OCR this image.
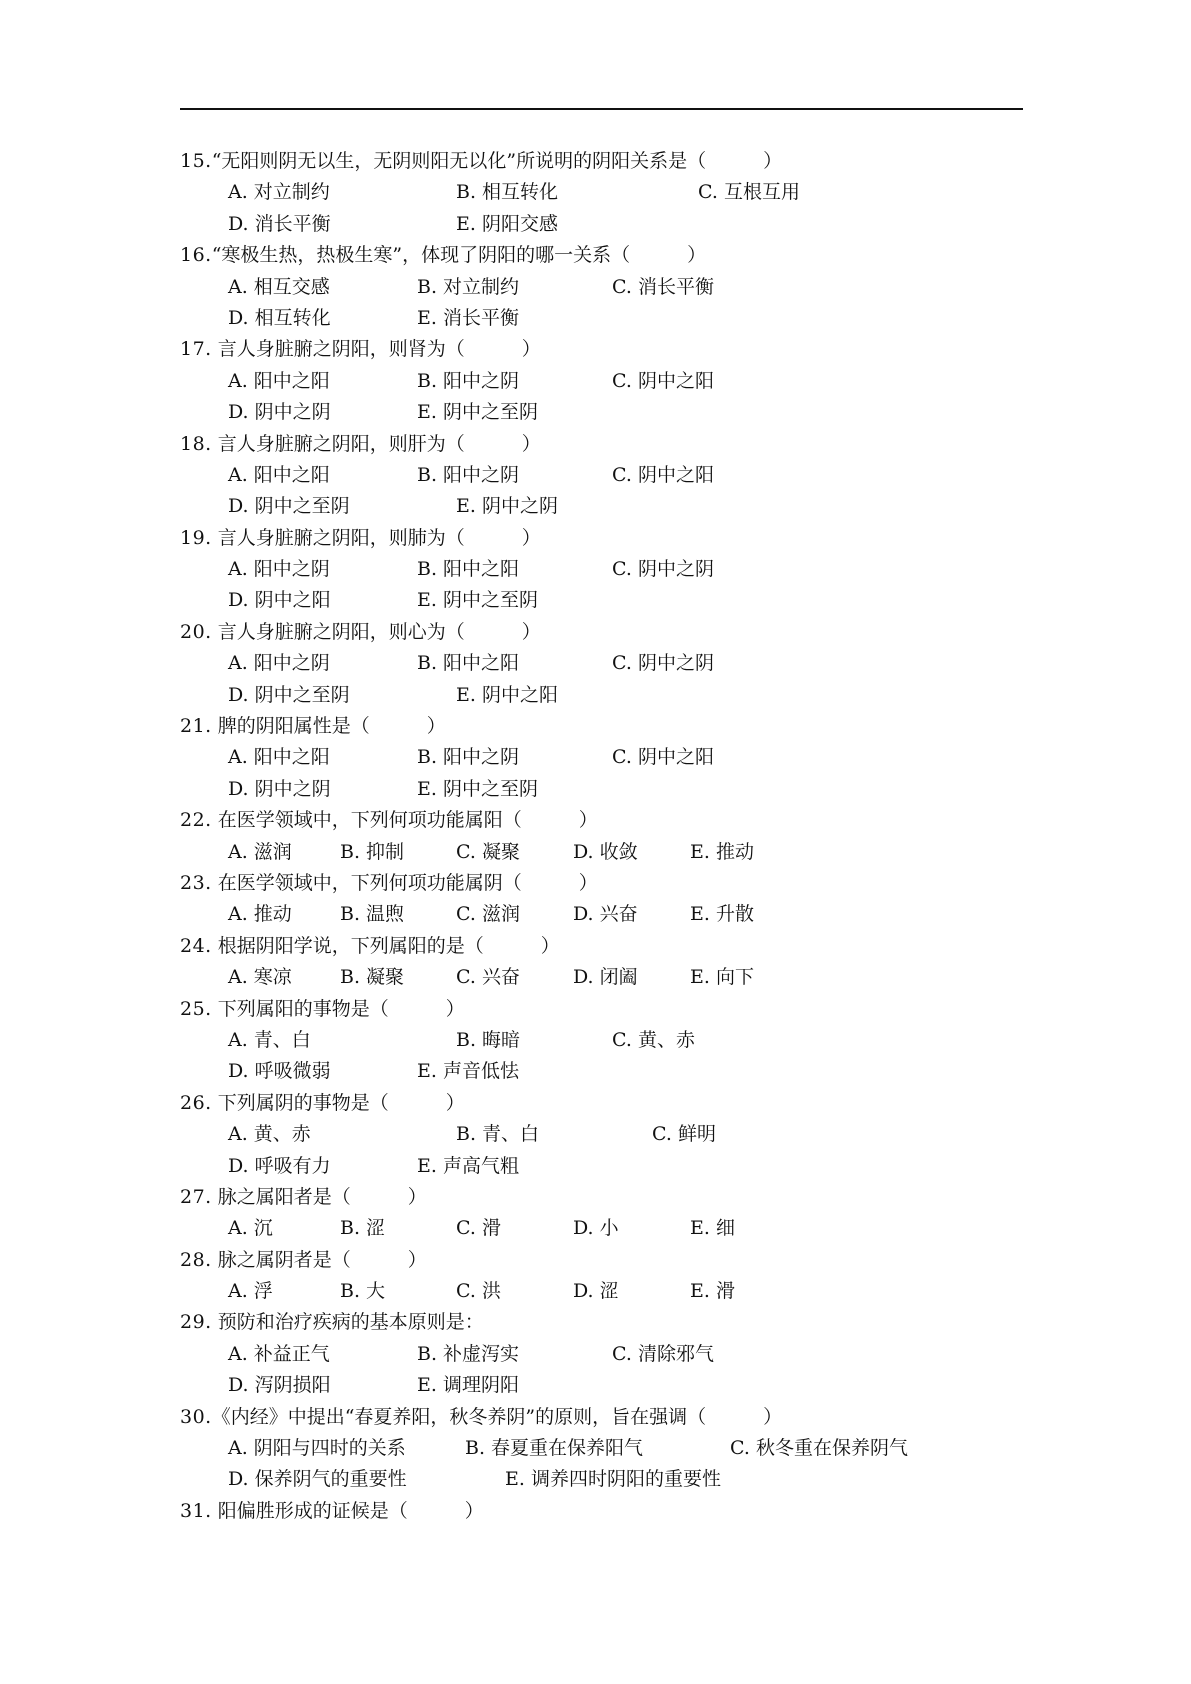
15.“无阳则阴无以生，无阴则阳无以化”所说明的阴阳关系是（　　　）
A. 对立制约	B. 相互转化	C. 互根互用
D. 消长平衡	E. 阴阳交感
16.“寒极生热，热极生寒”，体现了阴阳的哪一关系（　　　）
A. 相互交感	B. 对立制约	C. 消长平衡
D. 相互转化	E. 消长平衡
17. 言人身脏腑之阴阳，则肾为（　　　）
A. 阳中之阳	B. 阳中之阴	C. 阴中之阳
D. 阴中之阴	E. 阴中之至阴
18. 言人身脏腑之阴阳，则肝为（　　　）
A. 阳中之阳	B. 阳中之阴	C. 阴中之阳
D. 阴中之至阴	E. 阴中之阴
19. 言人身脏腑之阴阳，则肺为（　　　）
A. 阳中之阴	B. 阳中之阳	C. 阴中之阴
D. 阴中之阳	E. 阴中之至阴
20. 言人身脏腑之阴阳，则心为（　　　）
A. 阳中之阴	B. 阳中之阳	C. 阴中之阴
D. 阴中之至阴	E. 阴中之阳
21. 脾的阴阳属性是（　　　）
A. 阳中之阳	B. 阳中之阴	C. 阴中之阳
D. 阴中之阴	E. 阴中之至阴
22. 在医学领域中，下列何项功能属阳（　　　）
A. 滋润	B. 抑制	C. 凝聚	D. 收敛	E. 推动
23. 在医学领域中，下列何项功能属阴（　　　）
A. 推动	B. 温煦	C. 滋润	D. 兴奋	E. 升散
24. 根据阴阳学说，下列属阳的是（　　　）
A. 寒凉	B. 凝聚	C. 兴奋	D. 闭阖	E. 向下
25. 下列属阳的事物是（　　　）
A. 青、白	B. 晦暗	C. 黄、赤
D. 呼吸微弱	E. 声音低怯
26. 下列属阴的事物是（　　　）
A. 黄、赤	B. 青、白	C. 鲜明
D. 呼吸有力	E. 声高气粗
27. 脉之属阳者是（　　　）
A. 沉	B. 涩	C. 滑	D. 小	E. 细
28. 脉之属阴者是（　　　）
A. 浮	B. 大	C. 洪	D. 涩	E. 滑
29. 预防和治疗疾病的基本原则是：
A. 补益正气	B. 补虚泻实	C. 清除邪气
D. 泻阴损阳	E. 调理阴阳
30.《内经》中提出“春夏养阳，秋冬养阴”的原则，旨在强调（　　　）
A. 阴阳与四时的关系	B. 春夏重在保养阳气	C. 秋冬重在保养阴气
D. 保养阴气的重要性	E. 调养四时阴阳的重要性
31. 阳偏胜形成的证候是（　　　）
